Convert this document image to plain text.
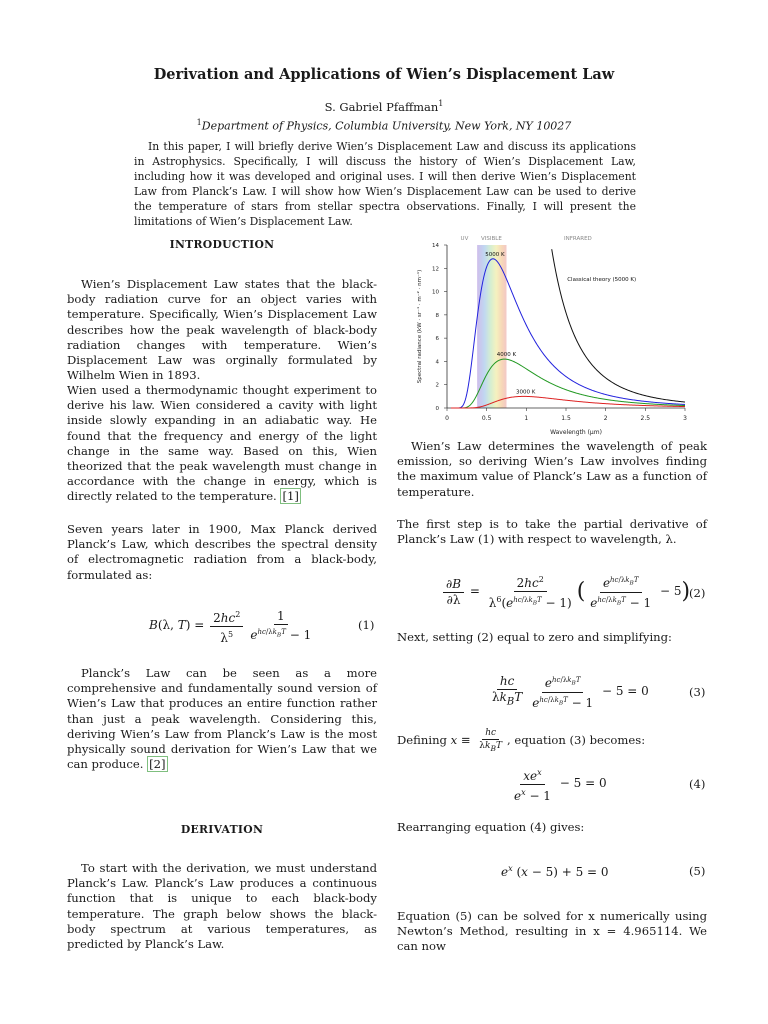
Derivation and Applications of Wien’s Displacement Law
S. Gabriel Pfaffman$^1$
$^1$Department of Physics, Columbia University, New York, NY 10027

In this paper, I will briefly derive Wien’s Displacement Law and discuss its applications in Astrophysics. Specifically, I will discuss the history of Wien’s Displacement Law, including how it was developed and original uses. I will then derive Wien’s Displacement Law from Planck’s Law. I will show how Wien’s Displacement Law can be used to derive the temperature of stars from stellar spectra observations. Finally, I will present the limitations of Wien’s Displacement Law.

INTRODUCTION

Wien’s Displacement Law states that the black-body radiation curve for an object varies with temperature. Specifically, Wien’s Displacement Law describes how the peak wavelength of black-body radiation changes with temperature. Wien’s Displacement Law was orginally formulated by Wilhelm Wien in 1893.

Wien used a thermodynamic thought experiment to derive his law. Wien considered a cavity with light inside slowly expanding in an adiabatic way. He found that the frequency and energy of the light change in the same way. Based on this, Wien theorized that the peak wavelength must change in accordance with the change in energy, which is directly related to the temperature. [1]

Seven years later in 1900, Max Planck derived Planck’s Law, which describes the spectral density of electromagnetic radiation from a black-body, formulated as:

B(λ, $T) = \frac{2hc^2}{\lambda^5} \frac{1}{e^{hc/\lambda k_BT} - 1}$	(1)

Planck’s Law can be seen as a more comprehensive and fundamentally sound version of Wien’s Law that produces an entire function rather than just a peak wavelength. Considering this, deriving Wien’s Law from Planck’s Law is the most physically sound derivation for Wien’s Law that we can produce. [2]

DERIVATION

To start with the derivation, we must understand Planck’s Law. Planck’s Law produces a continuous function that is unique to each black-body temperature. The graph below shows the black-body spectrum at various temperatures, as predicted by Planck’s Law.

0	0.5	1	1.5	2	2.5	3
0
2
4
6
8
10
12
14
Wavelength (μm)
Spectral radiance (kW · sr⁻¹ · m⁻² · nm⁻¹)
UV VISIBLE	INFRARED
5000 K
4000 K
3000 K
Classical theory (5000 K)

Wien’s Law determines the wavelength of peak emission, so deriving Wien’s Law involves finding the maximum value of Planck’s Law as a function of temperature.

The first step is to take the partial derivative of Planck’s Law (1) with respect to wavelength, λ.

$\frac{\partial B}{\partial\lambda} = \frac{2hc^2}{\lambda^6(e^{hc/\lambda k_BT} - 1)}$ ( $\frac{e^{hc/\lambda k_BT}}{e^{hc/\lambda k_BT} - 1} - 5$ )
(2)

Next, setting (2) equal to zero and simplifying:

$\frac{hc}{\lambda k_BT} \frac{e^{hc/\lambda k_BT}}{e^{hc/\lambda k_BT} - 1} - 5 = 0$	(3)

Defining $x \equiv \frac{hc}{\lambda k_BT}$ , equation (3) becomes:

$\frac{xe^x}{e^x - 1} - 5 = 0$	(4)

Rearranging equation (4) gives:

$e^x$ (x − 5) + 5 = 0	(5)

Equation (5) can be solved for x numerically using Newton’s Method, resulting in x = 4.965114. We can now
